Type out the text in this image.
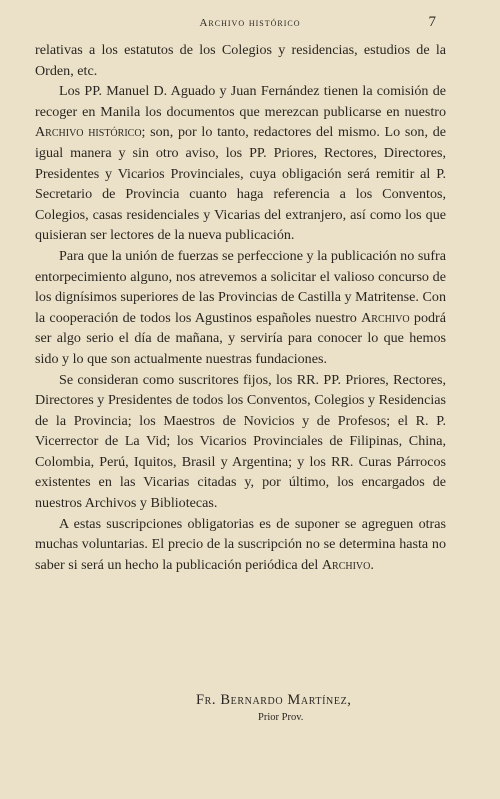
Archivo histórico	7

relativas a los estatutos de los Colegios y residencias, estudios de la Orden, etc.

Los PP. Manuel D. Aguado y Juan Fernández tienen la comisión de recoger en Manila los documentos que merezcan publicarse en nuestro Archivo histórico; son, por lo tanto, redactores del mismo. Lo son, de igual manera y sin otro aviso, los PP. Priores, Rectores, Directores, Presidentes y Vicarios Provinciales, cuya obligación será remitir al P. Secretario de Provincia cuanto haga referencia a los Conventos, Colegios, casas residenciales y Vicarias del extranjero, así como los que quisieran ser lectores de la nueva publicación.

Para que la unión de fuerzas se perfeccione y la publicación no sufra entorpecimiento alguno, nos atrevemos a solicitar el valioso concurso de los dignísimos superiores de las Provincias de Castilla y Matritense. Con la cooperación de todos los Agustinos españoles nuestro Archivo podrá ser algo serio el día de mañana, y serviría para conocer lo que hemos sido y lo que son actualmente nuestras fundaciones.

Se consideran como suscritores fijos, los RR. PP. Priores, Rectores, Directores y Presidentes de todos los Conventos, Colegios y Residencias de la Provincia; los Maestros de Novicios y de Profesos; el R. P. Vicerrector de La Vid; los Vicarios Provinciales de Filipinas, China, Colombia, Perú, Iquitos, Brasil y Argentina; y los RR. Curas Párrocos existentes en las Vicarias citadas y, por último, los encargados de nuestros Archivos y Bibliotecas.

A estas suscripciones obligatorias es de suponer se agreguen otras muchas voluntarias. El precio de la suscripción no se determina hasta no saber si será un hecho la publicación periódica del Archivo.

Fr. Bernardo Martínez,
Prior Prov.
